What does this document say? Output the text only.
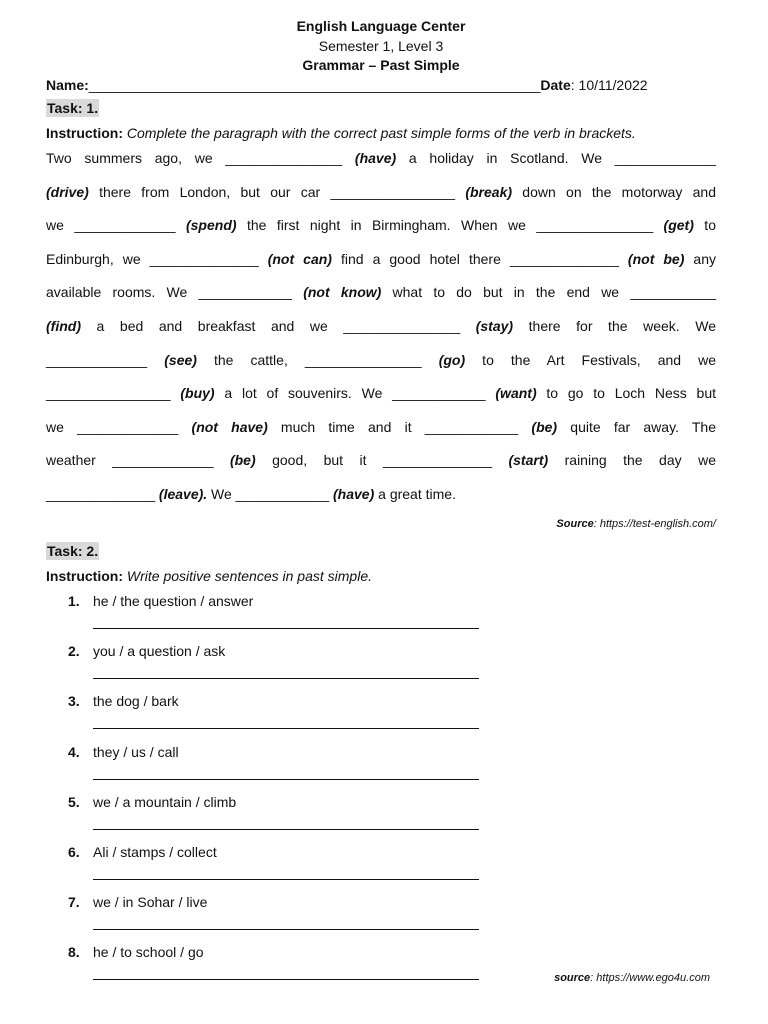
English Language Center
Semester 1, Level 3
Grammar – Past Simple
Name:__________________________________________________________Date: 10/11/2022
Task: 1.
Instruction: Complete the paragraph with the correct past simple forms of the verb in brackets.
Two summers ago, we _______________ (have) a holiday in Scotland. We _____________
(drive) there from London, but our car ________________ (break) down on the motorway and
we _____________ (spend) the first night in Birmingham. When we _______________ (get) to
Edinburgh, we ______________ (not can) find a good hotel there ______________ (not be) any
available rooms. We ____________ (not know) what to do but in the end we ___________
(find) a bed and breakfast and we _______________ (stay) there for the week. We
_____________ (see) the cattle, _______________ (go) to the Art Festivals, and we
________________ (buy) a lot of souvenirs. We ____________ (want) to go to Loch Ness but
we _____________ (not have) much time and it ____________ (be) quite far away. The
weather _____________ (be) good, but it ______________ (start) raining the day we
______________ (leave). We ____________ (have) a great time.
Source: https://test-english.com/
Task: 2.
Instruction: Write positive sentences in past simple.
1. he / the question / answer
2. you / a question / ask
3. the dog / bark
4. they / us / call
5. we / a mountain / climb
6. Ali / stamps / collect
7. we / in Sohar / live
8. he / to school / go
source: https://www.ego4u.com
